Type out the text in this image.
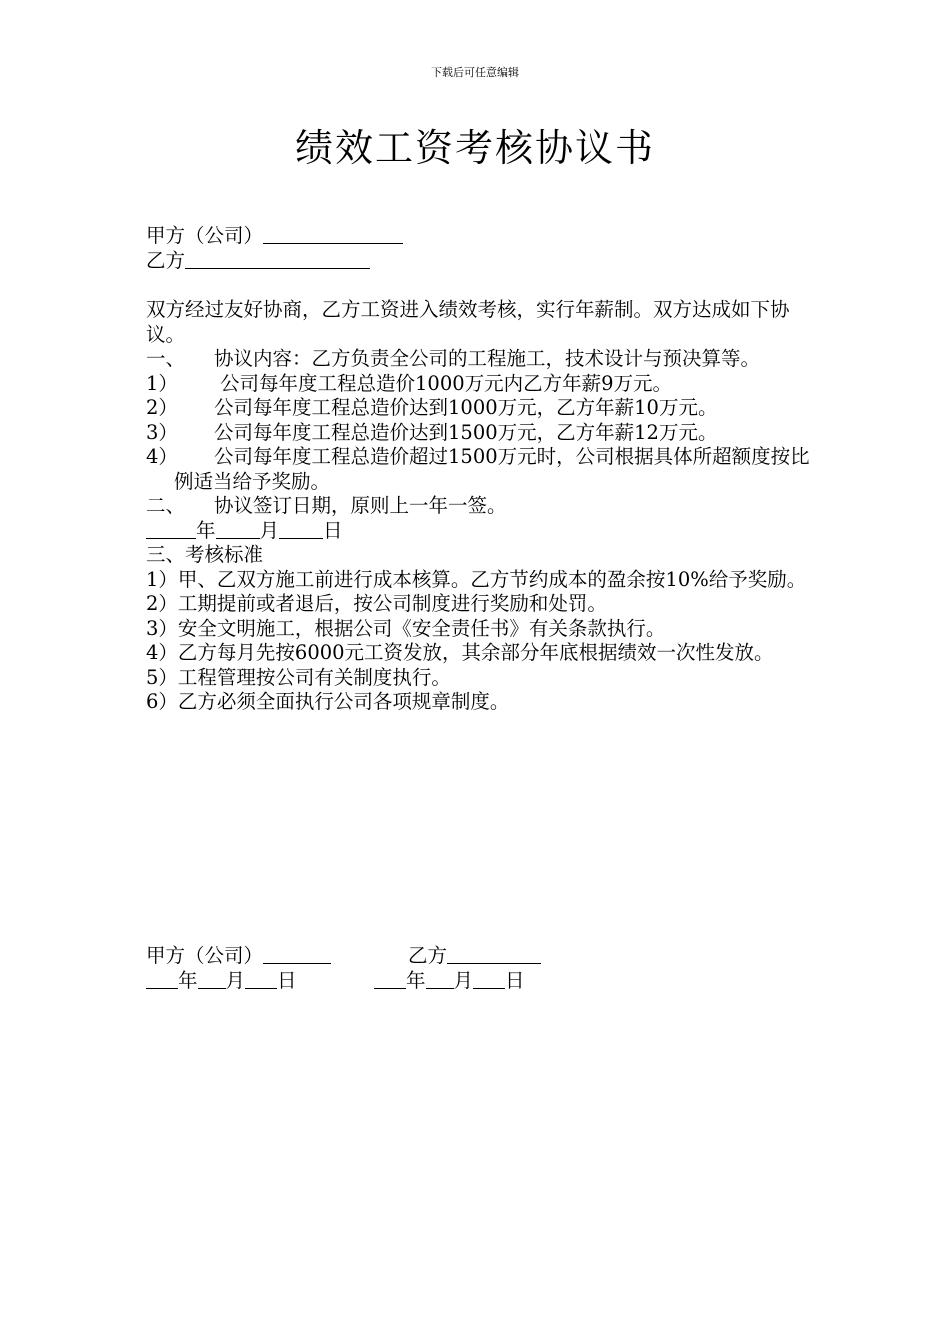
下载后可任意编辑
绩效工资考核协议书
甲方（公司）
乙方
双方经过友好协商，乙方工资进入绩效考核，实行年薪制。双方达成如下协议。
一、 协议内容：乙方负责全公司的工程施工，技术设计与预决算等。
1） 公司每年度工程总造价1000万元内乙方年薪9万元。
2） 公司每年度工程总造价达到1000万元，乙方年薪10万元。
3） 公司每年度工程总造价达到1500万元，乙方年薪12万元。
4） 公司每年度工程总造价超过1500万元时，公司根据具体所超额度按比例适当给予奖励。
二、 协议签订日期，原则上一年一签。
年 月 日
三、考核标准
1）甲、乙双方施工前进行成本核算。乙方节约成本的盈余按10%给予奖励。
2）工期提前或者退后，按公司制度进行奖励和处罚。
3）安全文明施工，根据公司《安全责任书》有关条款执行。
4）乙方每月先按6000元工资发放，其余部分年底根据绩效一次性发放。
5）工程管理按公司有关制度执行。
6）乙方必须全面执行公司各项规章制度。
甲方（公司）	乙方
年 月 日	年 月 日
